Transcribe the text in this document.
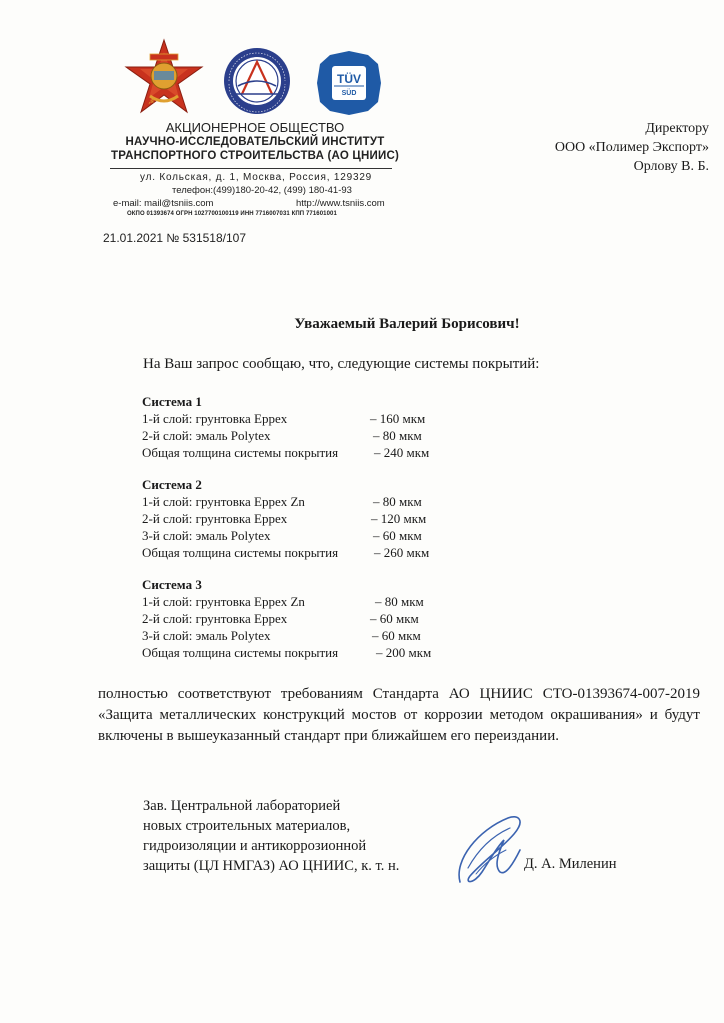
☭
TÜV
SÜD
АКЦИОНЕРНОЕ ОБЩЕСТВО
НАУЧНО-ИССЛЕДОВАТЕЛЬСКИЙ ИНСТИТУТ
ТРАНСПОРТНОГО СТРОИТЕЛЬСТВА (АО ЦНИИС)
ул. Кольская, д. 1, Москва, Россия, 129329
телефон:(499)180-20-42, (499) 180-41-93
e-mail: mail@tsniis.com	http://www.tsniis.com
ОКПО 01393674 ОГРН 1027700100119 ИНН 7716007031 КПП 771601001
21.01.2021 № 531518/107
Директору
ООО «Полимер Экспорт»
Орлову В. Б.
Уважаемый Валерий Борисович!
На Ваш запрос сообщаю, что, следующие системы покрытий:
Система 1
1-й слой: грунтовка Eppex	– 160 мкм
2-й слой: эмаль Polytex	– 80 мкм
Общая толщина системы покрытия	– 240 мкм
Система 2
1-й слой: грунтовка Eppex Zn	– 80 мкм
2-й слой: грунтовка Eppex	– 120 мкм
3-й слой: эмаль Polytex	– 60 мкм
Общая толщина системы покрытия	– 260 мкм
Система 3
1-й слой: грунтовка Eppex Zn	– 80 мкм
2-й слой: грунтовка Eppex	– 60 мкм
3-й слой: эмаль Polytex	– 60 мкм
Общая толщина системы покрытия	– 200 мкм
полностью соответствуют требованиям Стандарта АО ЦНИИС СТО-01393674-007-2019 «Защита металлических конструкций мостов от коррозии методом окрашивания» и будут включены в вышеуказанный стандарт при ближайшем его переиздании.
Зав. Центральной лабораторией
новых строительных материалов,
гидроизоляции и антикоррозионной
защиты (ЦЛ НМГАЗ) АО ЦНИИС, к. т. н.	Д. А. Миленин
